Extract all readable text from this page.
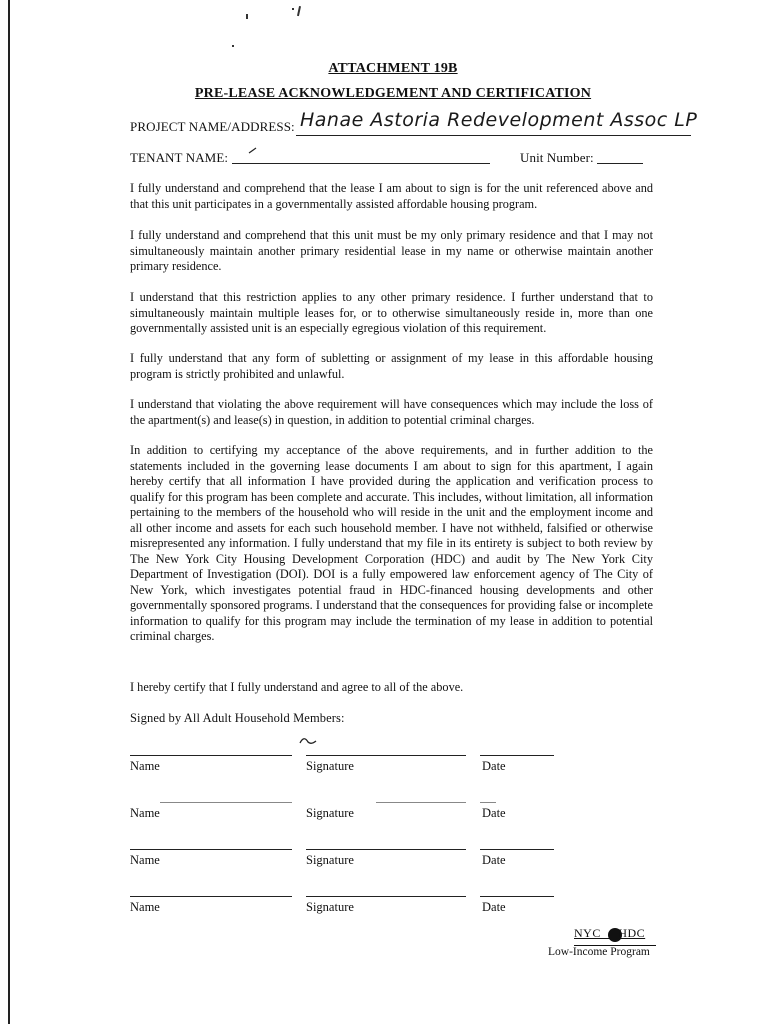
ATTACHMENT 19B
PRE-LEASE ACKNOWLEDGEMENT AND CERTIFICATION
PROJECT NAME/ADDRESS: Hanae Astoria Redevelopment Assoc LP
TENANT NAME:	Unit Number:

I fully understand and comprehend that the lease I am about to sign is for the unit referenced above and that this unit participates in a governmentally assisted affordable housing program.

I fully understand and comprehend that this unit must be my only primary residence and that I may not simultaneously maintain another primary residential lease in my name or otherwise maintain another primary residence.

I understand that this restriction applies to any other primary residence. I further understand that to simultaneously maintain multiple leases for, or to otherwise simultaneously reside in, more than one governmentally assisted unit is an especially egregious violation of this requirement.

I fully understand that any form of subletting or assignment of my lease in this affordable housing program is strictly prohibited and unlawful.

I understand that violating the above requirement will have consequences which may include the loss of the apartment(s) and lease(s) in question, in addition to potential criminal charges.

In addition to certifying my acceptance of the above requirements, and in further addition to the statements included in the governing lease documents I am about to sign for this apartment, I again hereby certify that all information I have provided during the application and verification process to qualify for this program has been complete and accurate. This includes, without limitation, all information pertaining to the members of the household who will reside in the unit and the employment income and all other income and assets for each such household member. I have not withheld, falsified or otherwise misrepresented any information. I fully understand that my file in its entirety is subject to both review by The New York City Housing Development Corporation (HDC) and audit by The New York City Department of Investigation (DOI). DOI is a fully empowered law enforcement agency of The City of New York, which investigates potential fraud in HDC-financed housing developments and other governmentally sponsored programs. I understand that the consequences for providing false or incomplete information to qualify for this program may include the termination of my lease in addition to potential criminal charges.

I hereby certify that I fully understand and agree to all of the above.

Signed by All Adult Household Members:
Name	Signature	Date
Name	Signature	Date
Name	Signature	Date
Name	Signature	Date
NYC HDC
Low-Income Program
